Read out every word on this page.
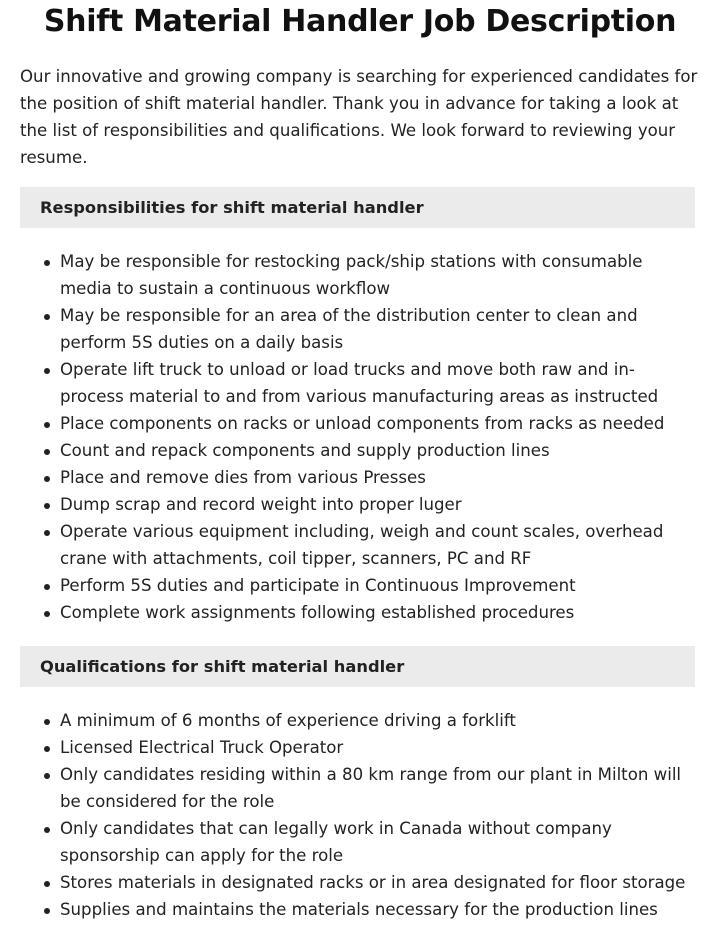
Shift Material Handler Job Description

Our innovative and growing company is searching for experienced candidates for the position of shift material handler. Thank you in advance for taking a look at the list of responsibilities and qualifications. We look forward to reviewing your resume.

Responsibilities for shift material handler
May be responsible for restocking pack/ship stations with consumable media to sustain a continuous workflow
May be responsible for an area of the distribution center to clean and perform 5S duties on a daily basis
Operate lift truck to unload or load trucks and move both raw and in-process material to and from various manufacturing areas as instructed
Place components on racks or unload components from racks as needed
Count and repack components and supply production lines
Place and remove dies from various Presses
Dump scrap and record weight into proper luger
Operate various equipment including, weigh and count scales, overhead crane with attachments, coil tipper, scanners, PC and RF
Perform 5S duties and participate in Continuous Improvement
Complete work assignments following established procedures
Qualifications for shift material handler
A minimum of 6 months of experience driving a forklift
Licensed Electrical Truck Operator
Only candidates residing within a 80 km range from our plant in Milton will be considered for the role
Only candidates that can legally work in Canada without company sponsorship can apply for the role
Stores materials in designated racks or in area designated for floor storage
Supplies and maintains the materials necessary for the production lines
